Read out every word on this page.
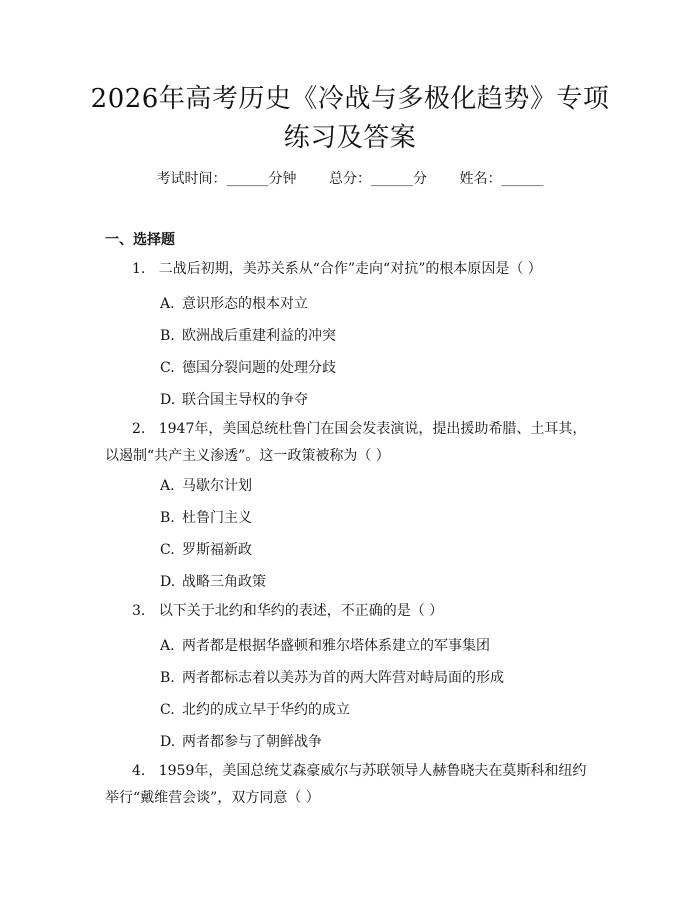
2026年高考历史《冷战与多极化趋势》专项
练习及答案
考试时间：______分钟 总分：______分 姓名：______
一、选择题
1. 二战后初期，美苏关系从“合作”走向“对抗”的根本原因是（ ）
A. 意识形态的根本对立
B. 欧洲战后重建利益的冲突
C. 德国分裂问题的处理分歧
D. 联合国主导权的争夺
2. 1947年，美国总统杜鲁门在国会发表演说，提出援助希腊、土耳其，以遏制“共产主义渗透”。这一政策被称为（ ）
A. 马歇尔计划
B. 杜鲁门主义
C. 罗斯福新政
D. 战略三角政策
3. 以下关于北约和华约的表述，不正确的是（ ）
A. 两者都是根据华盛顿和雅尔塔体系建立的军事集团
B. 两者都标志着以美苏为首的两大阵营对峙局面的形成
C. 北约的成立早于华约的成立
D. 两者都参与了朝鲜战争
4. 1959年，美国总统艾森豪威尔与苏联领导人赫鲁晓夫在莫斯科和纽约举行“戴维营会谈”，双方同意（ ）
